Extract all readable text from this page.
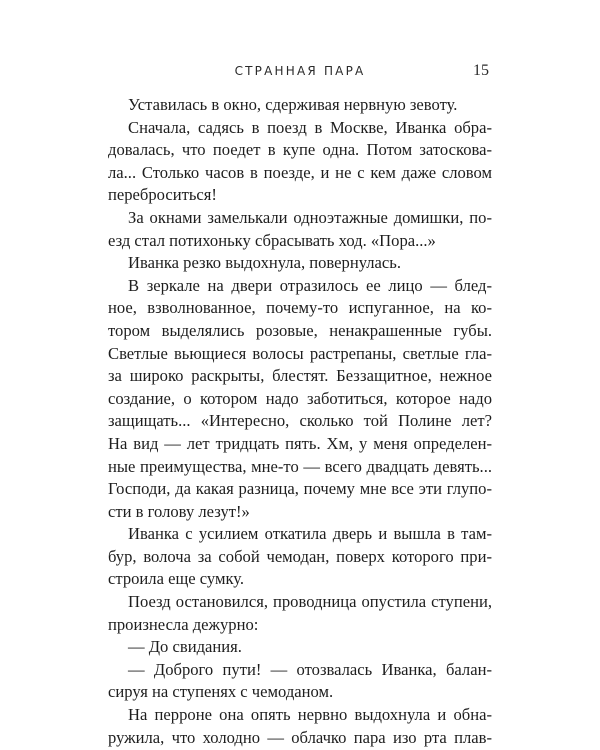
СТРАННАЯ ПАРА	15
Уставилась в окно, сдерживая нервную зевоту.
Сначала, садясь в поезд в Москве, Иванка обра-
довалась, что поедет в купе одна. Потом затоскова-
ла... Столько часов в поезде, и не с кем даже словом
переброситься!
За окнами замелькали одноэтажные домишки, по-
езд стал потихоньку сбрасывать ход. «Пора...»
Иванка резко выдохнула, повернулась.
В зеркале на двери отразилось ее лицо — блед-
ное, взволнованное, почему-то испуганное, на ко-
тором выделялись розовые, ненакрашенные губы.
Светлые вьющиеся волосы растрепаны, светлые гла-
за широко раскрыты, блестят. Беззащитное, нежное
создание, о котором надо заботиться, которое надо
защищать... «Интересно, сколько той Полине лет?
На вид — лет тридцать пять. Хм, у меня определен-
ные преимущества, мне-то — всего двадцать девять...
Господи, да какая разница, почему мне все эти глупо-
сти в голову лезут!»
Иванка с усилием откатила дверь и вышла в там-
бур, волоча за собой чемодан, поверх которого при-
строила еще сумку.
Поезд остановился, проводница опустила ступени,
произнесла дежурно:
— До свидания.
— Доброго пути! — отозвалась Иванка, балан-
сируя на ступенях с чемоданом.
На перроне она опять нервно выдохнула и обна-
ружила, что холодно — облачко пара изо рта плав-
